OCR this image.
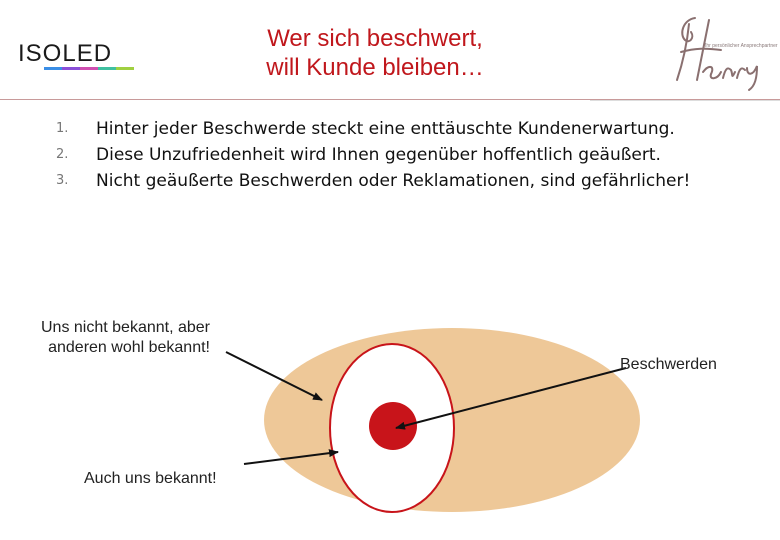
ISOLED
Wer sich beschwert,
will Kunde bleiben…
Ihr persönlicher Ansprechpartner
1. Hinter jeder Beschwerde steckt eine enttäuschte Kundenerwartung.
2. Diese Unzufriedenheit wird Ihnen gegenüber hoffentlich geäußert.
3. Nicht geäußerte Beschwerden oder Reklamationen, sind gefährlicher!
Uns nicht bekannt, aber anderen wohl bekannt!
Auch uns bekannt!
Beschwerden
